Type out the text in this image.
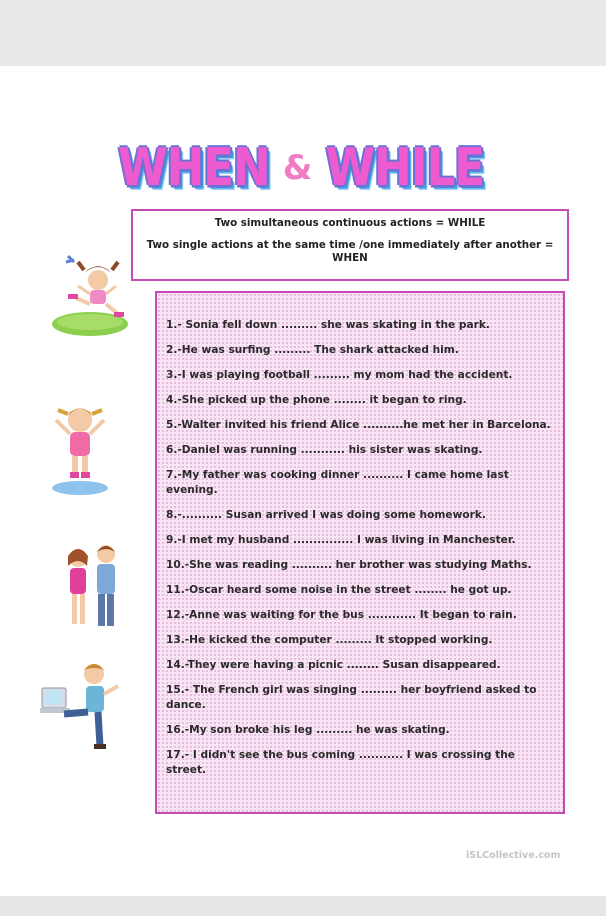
WHEN & WHILE

Two simultaneous continuous actions = WHILE

Two single actions at the same time /one immediately after another = WHEN

1.- Sonia fell down ......... she was skating in the park.
2.-He was surfing ......... The shark attacked him.
3.-I was playing football ......... my mom had the accident.
4.-She picked up the phone ........ it began to ring.
5.-Walter invited his friend Alice ..........he met her in Barcelona.
6.-Daniel was running ........... his sister was skating.
7.-My father was cooking dinner .......... I came home last evening.
8.-.......... Susan arrived I was doing some homework.
9.-I met my husband ............... I was living in Manchester.
10.-She was reading .......... her brother was studying Maths.
11.-Oscar heard some noise in the street ........ he got up.
12.-Anne was waiting for the bus ............ It began to rain.
13.-He kicked the computer ......... It stopped working.
14.-They were having a picnic ........ Susan disappeared.
15.- The French girl was singing ......... her boyfriend asked to dance.
16.-My son broke his leg ......... he was skating.
17.- I didn't see the bus coming ........... I was crossing the street.
iSLCollective.com
